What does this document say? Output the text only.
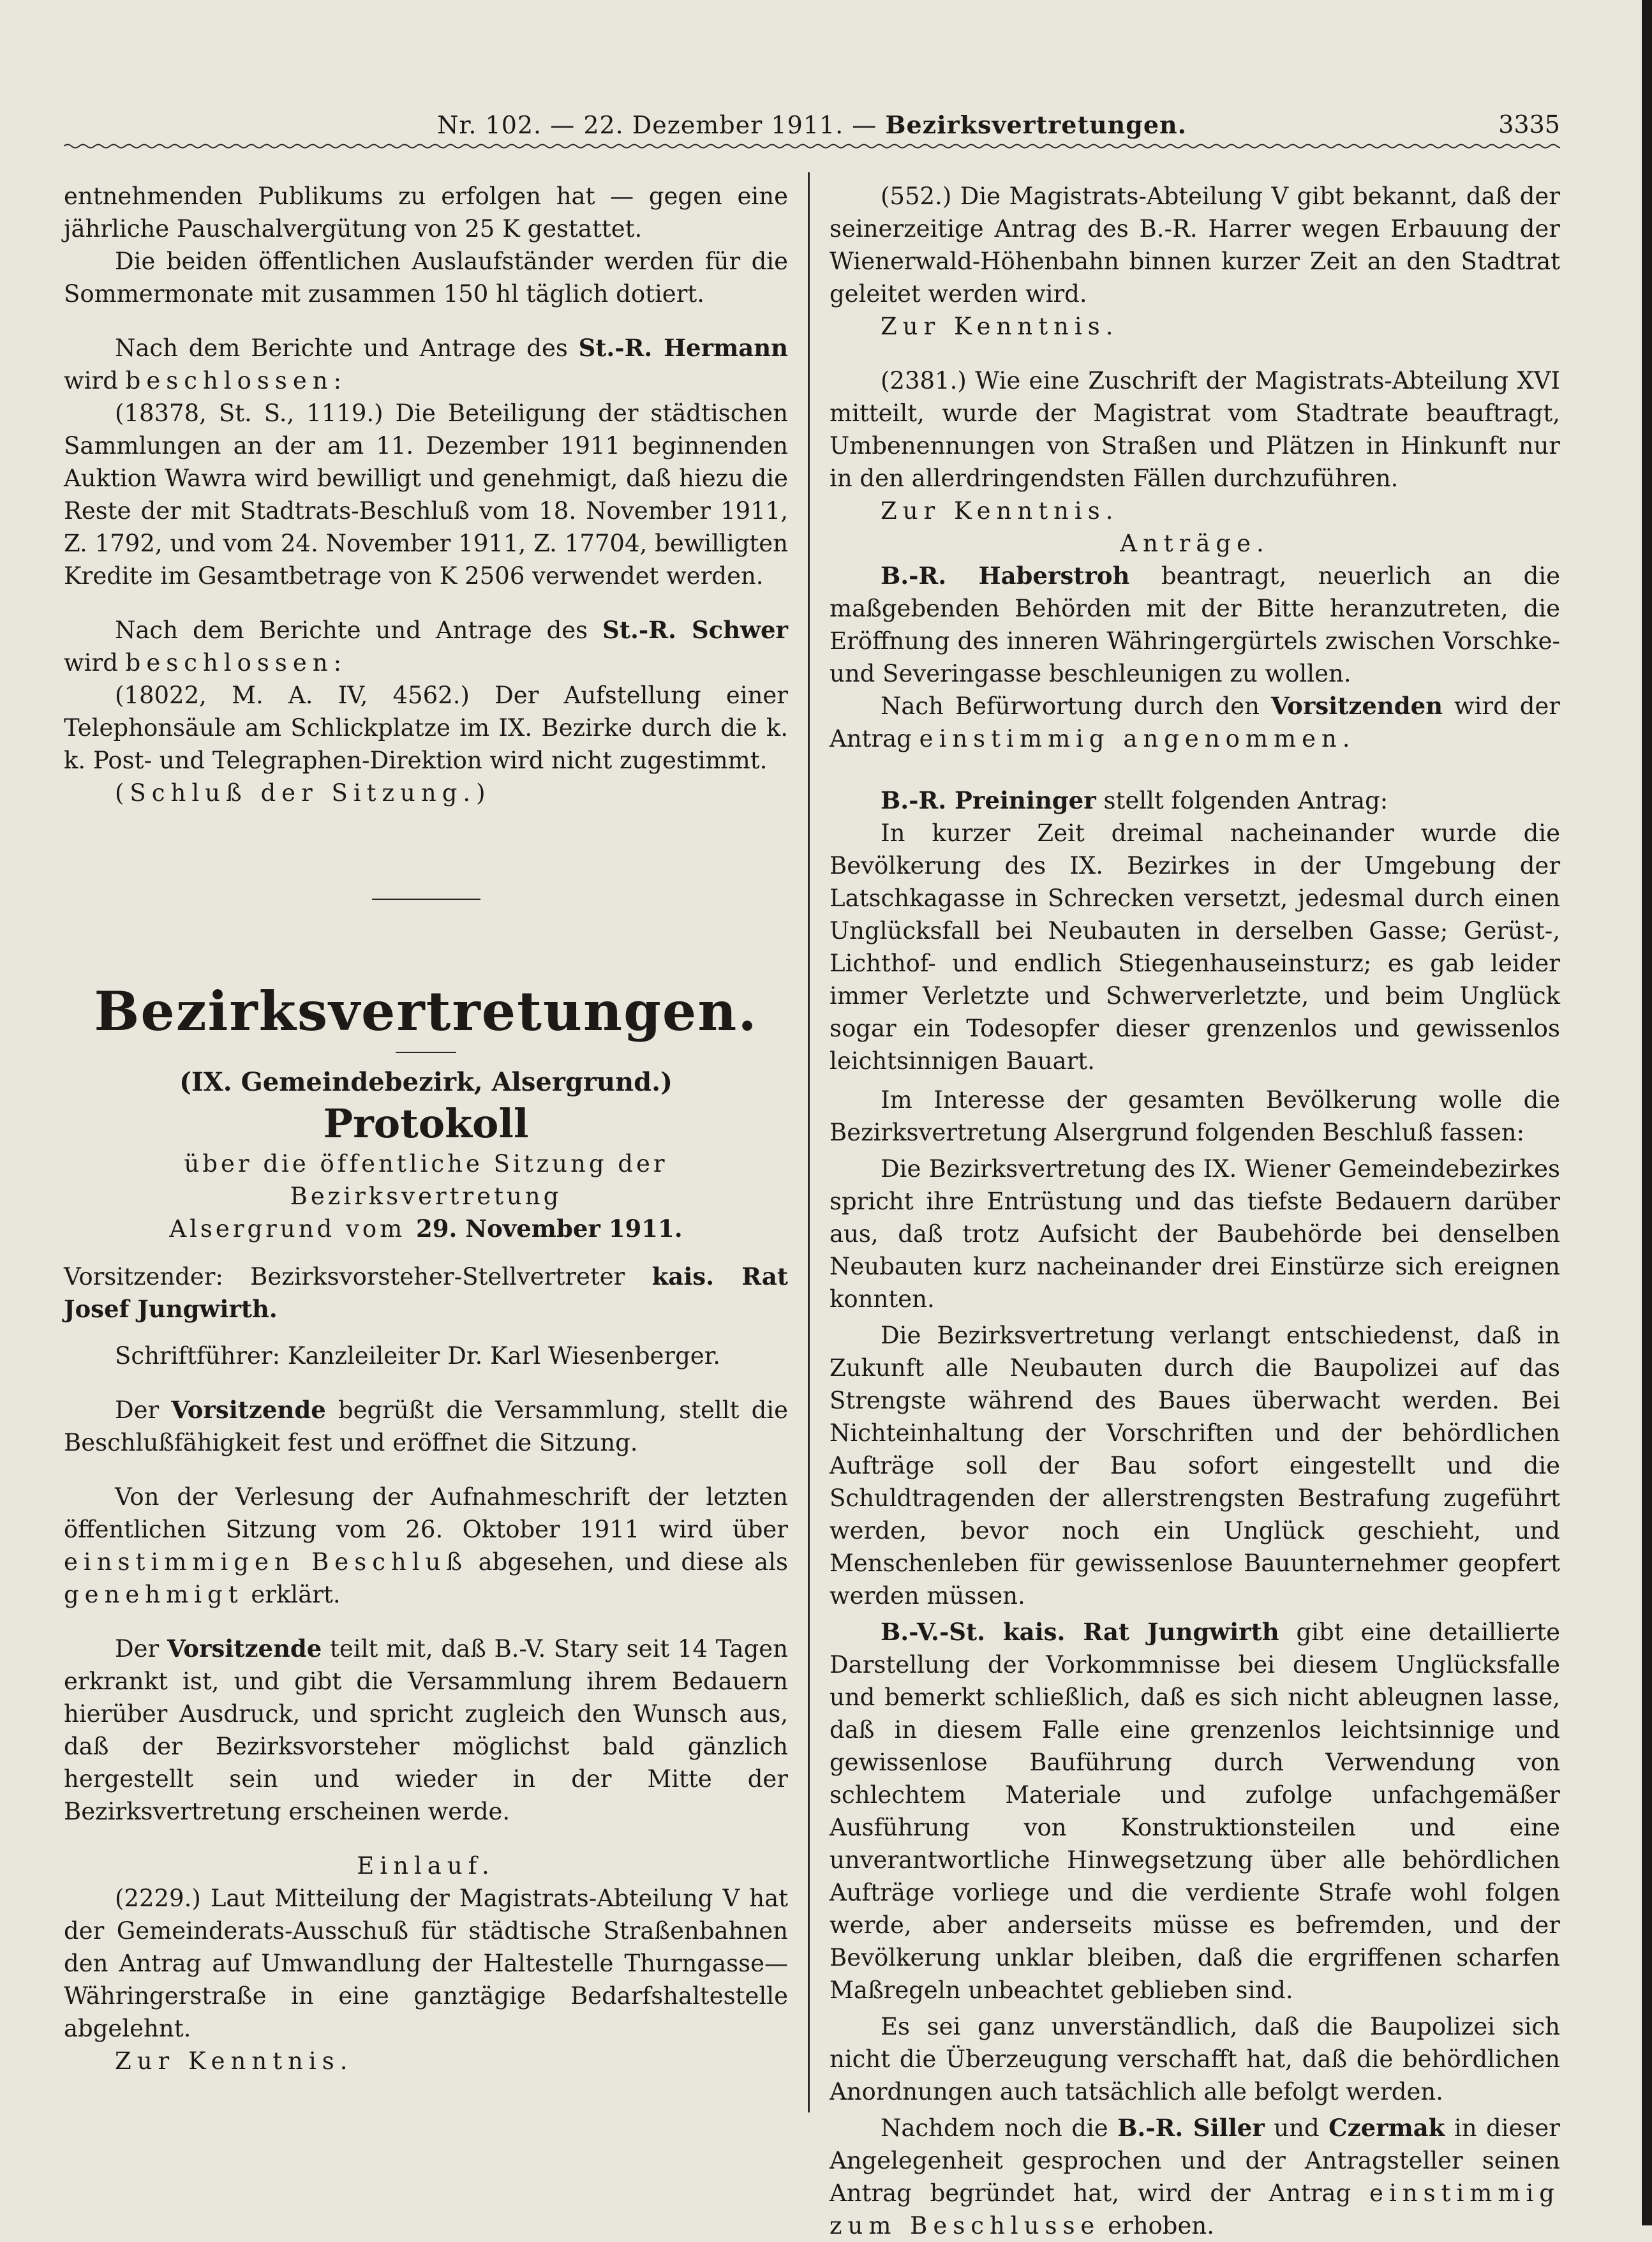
Nr. 102. — 22. Dezember 1911. — Bezirksvertretungen.	3335

entnehmenden Publikums zu erfolgen hat — gegen eine jährliche Pauschalvergütung von 25 K gestattet.

Die beiden öffentlichen Auslaufständer werden für die Sommermonate mit zusammen 150 hl täglich dotiert.

Nach dem Berichte und Antrage des St.-R. Hermann wird beschlossen:

(18378, St. S., 1119.) Die Beteiligung der städtischen Sammlungen an der am 11. Dezember 1911 beginnenden Auktion Wawra wird bewilligt und genehmigt, daß hiezu die Reste der mit Stadtrats-Beschluß vom 18. November 1911, Z. 1792, und vom 24. November 1911, Z. 17704, bewilligten Kredite im Gesamtbetrage von K 2506 verwendet werden.

Nach dem Berichte und Antrage des St.-R. Schwer wird beschlossen:

(18022, M. A. IV, 4562.) Der Aufstellung einer Telephonsäule am Schlickplatze im IX. Bezirke durch die k. k. Post- und Telegraphen-Direktion wird nicht zugestimmt.

(Schluß der Sitzung.)

Bezirksvertretungen.
(IX. Gemeindebezirk, Alsergrund.)
Protokoll

über die öffentliche Sitzung der Bezirksvertretung

Alsergrund vom 29. November 1911.

Vorsitzender: Bezirksvorsteher-Stellvertreter kais. Rat Josef Jungwirth.

Schriftführer: Kanzleileiter Dr. Karl Wiesenberger.

Der Vorsitzende begrüßt die Versammlung, stellt die Beschlußfähigkeit fest und eröffnet die Sitzung.

Von der Verlesung der Aufnahmeschrift der letzten öffentlichen Sitzung vom 26. Oktober 1911 wird über einstimmigen Beschluß abgesehen, und diese als genehmigt erklärt.

Der Vorsitzende teilt mit, daß B.-V. Stary seit 14 Tagen erkrankt ist, und gibt die Versammlung ihrem Bedauern hierüber Ausdruck, und spricht zugleich den Wunsch aus, daß der Bezirksvorsteher möglichst bald gänzlich hergestellt sein und wieder in der Mitte der Bezirksvertretung erscheinen werde.

Einlauf.

(2229.) Laut Mitteilung der Magistrats-Abteilung V hat der Gemeinderats-Ausschuß für städtische Straßenbahnen den Antrag auf Umwandlung der Haltestelle Thurngasse—Währingerstraße in eine ganztägige Bedarfshaltestelle abgelehnt.

Zur Kenntnis.

(552.) Die Magistrats-Abteilung V gibt bekannt, daß der seinerzeitige Antrag des B.-R. Harrer wegen Erbauung der Wienerwald-Höhenbahn binnen kurzer Zeit an den Stadtrat geleitet werden wird.

Zur Kenntnis.

(2381.) Wie eine Zuschrift der Magistrats-Abteilung XVI mitteilt, wurde der Magistrat vom Stadtrate beauftragt, Umbenennungen von Straßen und Plätzen in Hinkunft nur in den allerdringendsten Fällen durchzuführen.

Zur Kenntnis.

Anträge.

B.-R. Haberstroh beantragt, neuerlich an die maßgebenden Behörden mit der Bitte heranzutreten, die Eröffnung des inneren Währingergürtels zwischen Vorschke- und Severingasse beschleunigen zu wollen.

Nach Befürwortung durch den Vorsitzenden wird der Antrag einstimmig angenommen.

B.-R. Preininger stellt folgenden Antrag:

In kurzer Zeit dreimal nacheinander wurde die Bevölkerung des IX. Bezirkes in der Umgebung der Latschkagasse in Schrecken versetzt, jedesmal durch einen Unglücksfall bei Neubauten in derselben Gasse; Gerüst-, Lichthof- und endlich Stiegenhauseinsturz; es gab leider immer Verletzte und Schwerverletzte, und beim Unglück sogar ein Todesopfer dieser grenzenlos und gewissenlos leichtsinnigen Bauart.

Im Interesse der gesamten Bevölkerung wolle die Bezirksvertretung Alsergrund folgenden Beschluß fassen:

Die Bezirksvertretung des IX. Wiener Gemeindebezirkes spricht ihre Entrüstung und das tiefste Bedauern darüber aus, daß trotz Aufsicht der Baubehörde bei denselben Neubauten kurz nacheinander drei Einstürze sich ereignen konnten.

Die Bezirksvertretung verlangt entschiedenst, daß in Zukunft alle Neubauten durch die Baupolizei auf das Strengste während des Baues überwacht werden. Bei Nichteinhaltung der Vorschriften und der behördlichen Aufträge soll der Bau sofort eingestellt und die Schuldtragenden der allerstrengsten Bestrafung zugeführt werden, bevor noch ein Unglück geschieht, und Menschenleben für gewissenlose Bauunternehmer geopfert werden müssen.

B.-V.-St. kais. Rat Jungwirth gibt eine detaillierte Darstellung der Vorkommnisse bei diesem Unglücksfalle und bemerkt schließlich, daß es sich nicht ableugnen lasse, daß in diesem Falle eine grenzenlos leichtsinnige und gewissenlose Bauführung durch Verwendung von schlechtem Materiale und zufolge unfachgemäßer Ausführung von Konstruktionsteilen und eine unverantwortliche Hinwegsetzung über alle behördlichen Aufträge vorliege und die verdiente Strafe wohl folgen werde, aber anderseits müsse es befremden, und der Bevölkerung unklar bleiben, daß die ergriffenen scharfen Maßregeln unbeachtet geblieben sind.

Es sei ganz unverständlich, daß die Baupolizei sich nicht die Überzeugung verschafft hat, daß die behördlichen Anordnungen auch tatsächlich alle befolgt werden.

Nachdem noch die B.-R. Siller und Czermak in dieser Angelegenheit gesprochen und der Antragsteller seinen Antrag begründet hat, wird der Antrag einstimmig zum Beschlusse erhoben.
